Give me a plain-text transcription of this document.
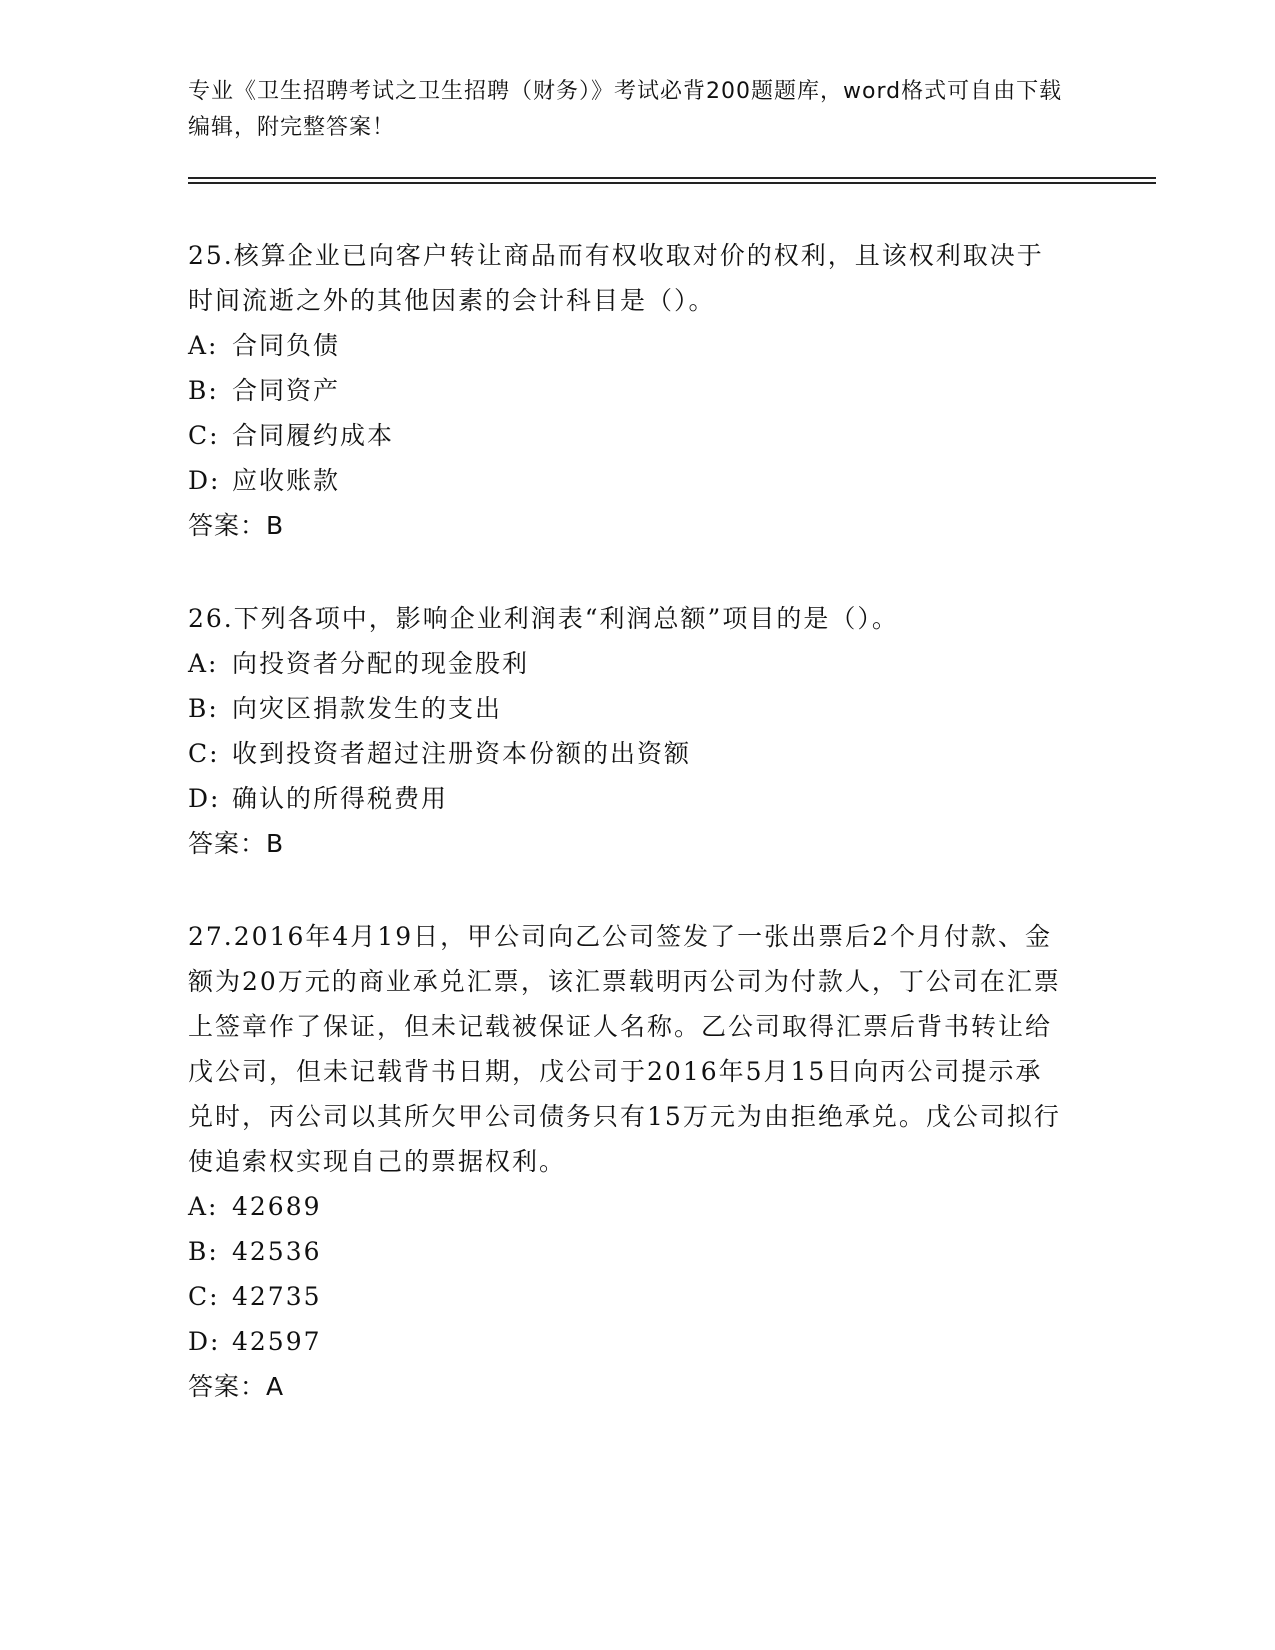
专业《卫生招聘考试之卫生招聘（财务）》考试必背200题题库，word格式可自由下载编辑，附完整答案！

25.核算企业已向客户转让商品而有权收取对价的权利，且该权利取决于时间流逝之外的其他因素的会计科目是（）。

A: 合同负债

B: 合同资产

C: 合同履约成本

D: 应收账款

答案：B

26.下列各项中，影响企业利润表“利润总额”项目的是（）。

A: 向投资者分配的现金股利

B: 向灾区捐款发生的支出

C: 收到投资者超过注册资本份额的出资额

D: 确认的所得税费用

答案：B

27.2016年4月19日，甲公司向乙公司签发了一张出票后2个月付款、金额为20万元的商业承兑汇票，该汇票载明丙公司为付款人，丁公司在汇票上签章作了保证，但未记载被保证人名称。乙公司取得汇票后背书转让给戊公司，但未记载背书日期，戊公司于2016年5月15日向丙公司提示承兑时，丙公司以其所欠甲公司债务只有15万元为由拒绝承兑。戊公司拟行使追索权实现自己的票据权利。

A: 42689

B: 42536

C: 42735

D: 42597

答案：A
